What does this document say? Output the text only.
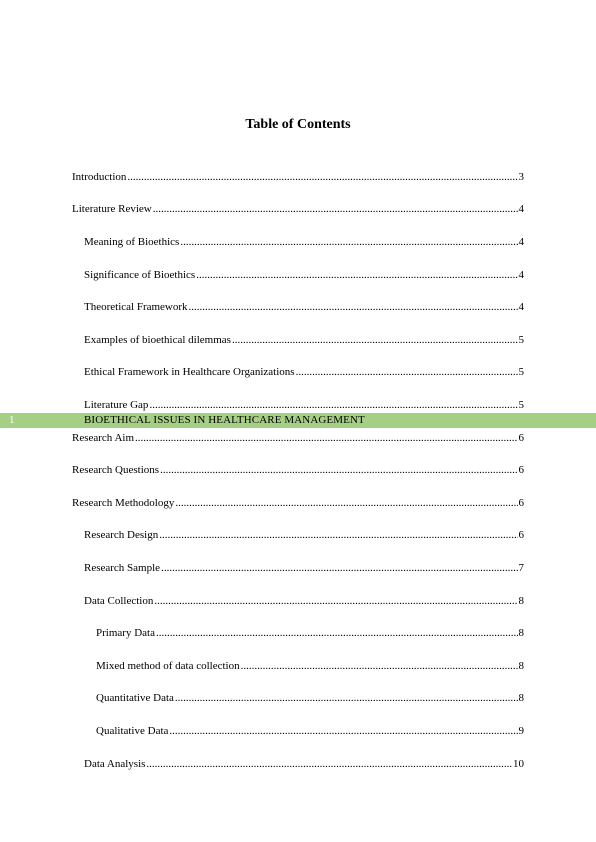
Table of Contents
Introduction .....	3
Literature Review .....	4
Meaning of Bioethics .....	4
Significance of Bioethics .....	4
Theoretical Framework .....	4
Examples of bioethical dilemmas .....	5
Ethical Framework in Healthcare Organizations .....	5
Literature Gap .....	5
Research Aim .....	6
Research Questions .....	6
Research Methodology .....	6
Research Design .....	6
Research Sample .....	7
Data Collection .....	8
Primary Data .....	8
Mixed method of data collection .....	8
Quantitative Data .....	8
Qualitative Data .....	9
Data Analysis .....	10
1	BIOETHICAL ISSUES IN HEALTHCARE MANAGEMENT
